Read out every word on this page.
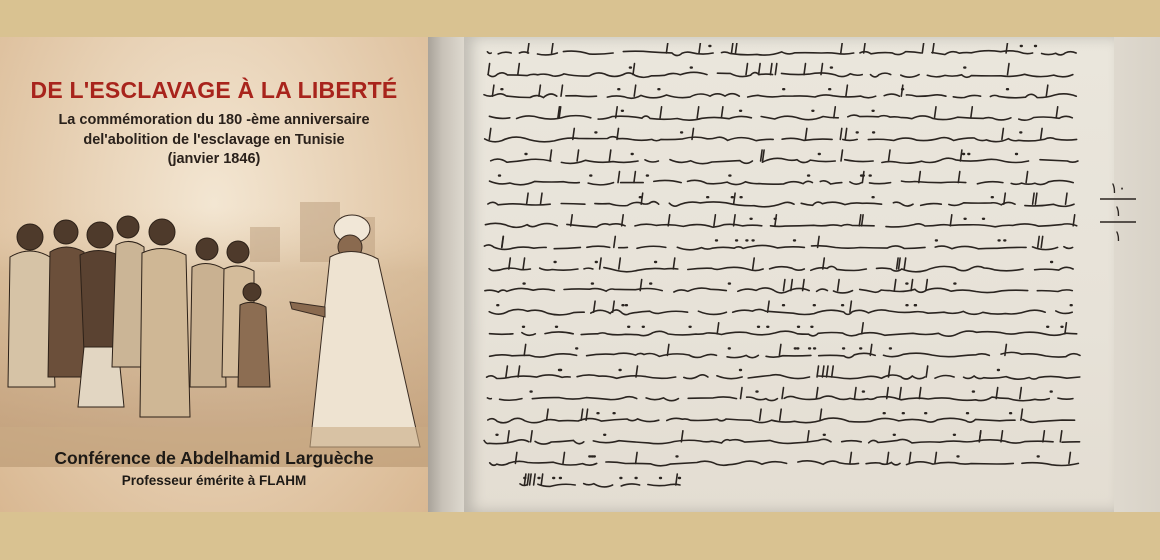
DE L'ESCLAVAGE À LA LIBERTÉ
La commémoration du 180 -ème anniversaire
del'abolition de l'esclavage en Tunisie
(janvier 1846)
Conférence de Abdelhamid Larguèche
Professeur émérite à FLAHM
١٠
١
١
